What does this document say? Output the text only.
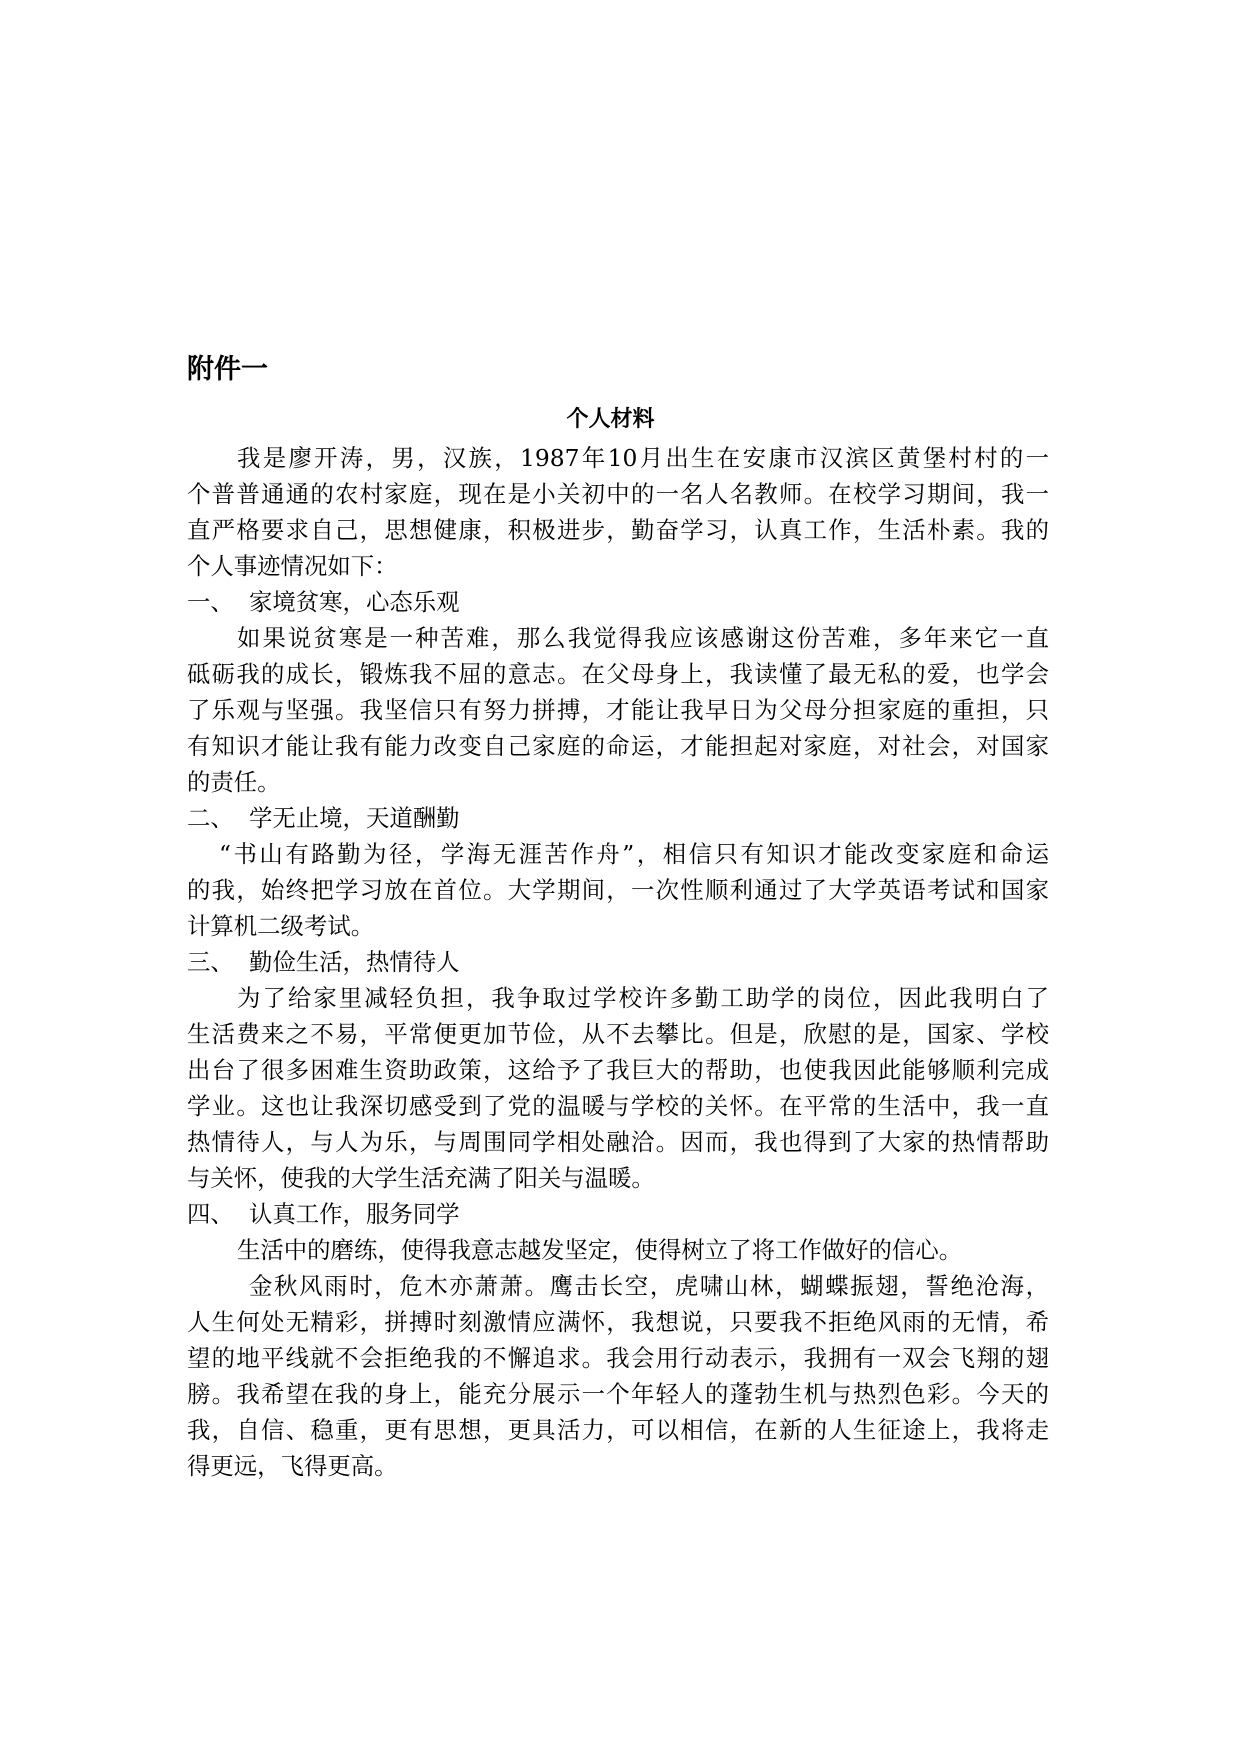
附件一
个人材料
我是廖开涛，男，汉族，1987年10月出生在安康市汉滨区黄堡村村的一
个普普通通的农村家庭，现在是小关初中的一名人名教师。在校学习期间，我一
直严格要求自己，思想健康，积极进步，勤奋学习，认真工作，生活朴素。我的
个人事迹情况如下：
一、 家境贫寒，心态乐观
如果说贫寒是一种苦难，那么我觉得我应该感谢这份苦难，多年来它一直
砥砺我的成长，锻炼我不屈的意志。在父母身上，我读懂了最无私的爱，也学会
了乐观与坚强。我坚信只有努力拼搏，才能让我早日为父母分担家庭的重担，只
有知识才能让我有能力改变自己家庭的命运，才能担起对家庭，对社会，对国家
的责任。
二、 学无止境，天道酬勤
“书山有路勤为径，学海无涯苦作舟”，相信只有知识才能改变家庭和命运
的我，始终把学习放在首位。大学期间，一次性顺利通过了大学英语考试和国家
计算机二级考试。
三、 勤俭生活，热情待人
为了给家里减轻负担，我争取过学校许多勤工助学的岗位，因此我明白了
生活费来之不易，平常便更加节俭，从不去攀比。但是，欣慰的是，国家、学校
出台了很多困难生资助政策，这给予了我巨大的帮助，也使我因此能够顺利完成
学业。这也让我深切感受到了党的温暖与学校的关怀。在平常的生活中，我一直
热情待人，与人为乐，与周围同学相处融洽。因而，我也得到了大家的热情帮助
与关怀，使我的大学生活充满了阳关与温暖。
四、 认真工作，服务同学
生活中的磨练，使得我意志越发坚定，使得树立了将工作做好的信心。
金秋风雨时，危木亦萧萧。鹰击长空，虎啸山林，蝴蝶振翅，誓绝沧海，
人生何处无精彩，拼搏时刻激情应满怀，我想说，只要我不拒绝风雨的无情，希
望的地平线就不会拒绝我的不懈追求。我会用行动表示，我拥有一双会飞翔的翅
膀。我希望在我的身上，能充分展示一个年轻人的蓬勃生机与热烈色彩。今天的
我，自信、稳重，更有思想，更具活力，可以相信，在新的人生征途上，我将走
得更远，飞得更高。
